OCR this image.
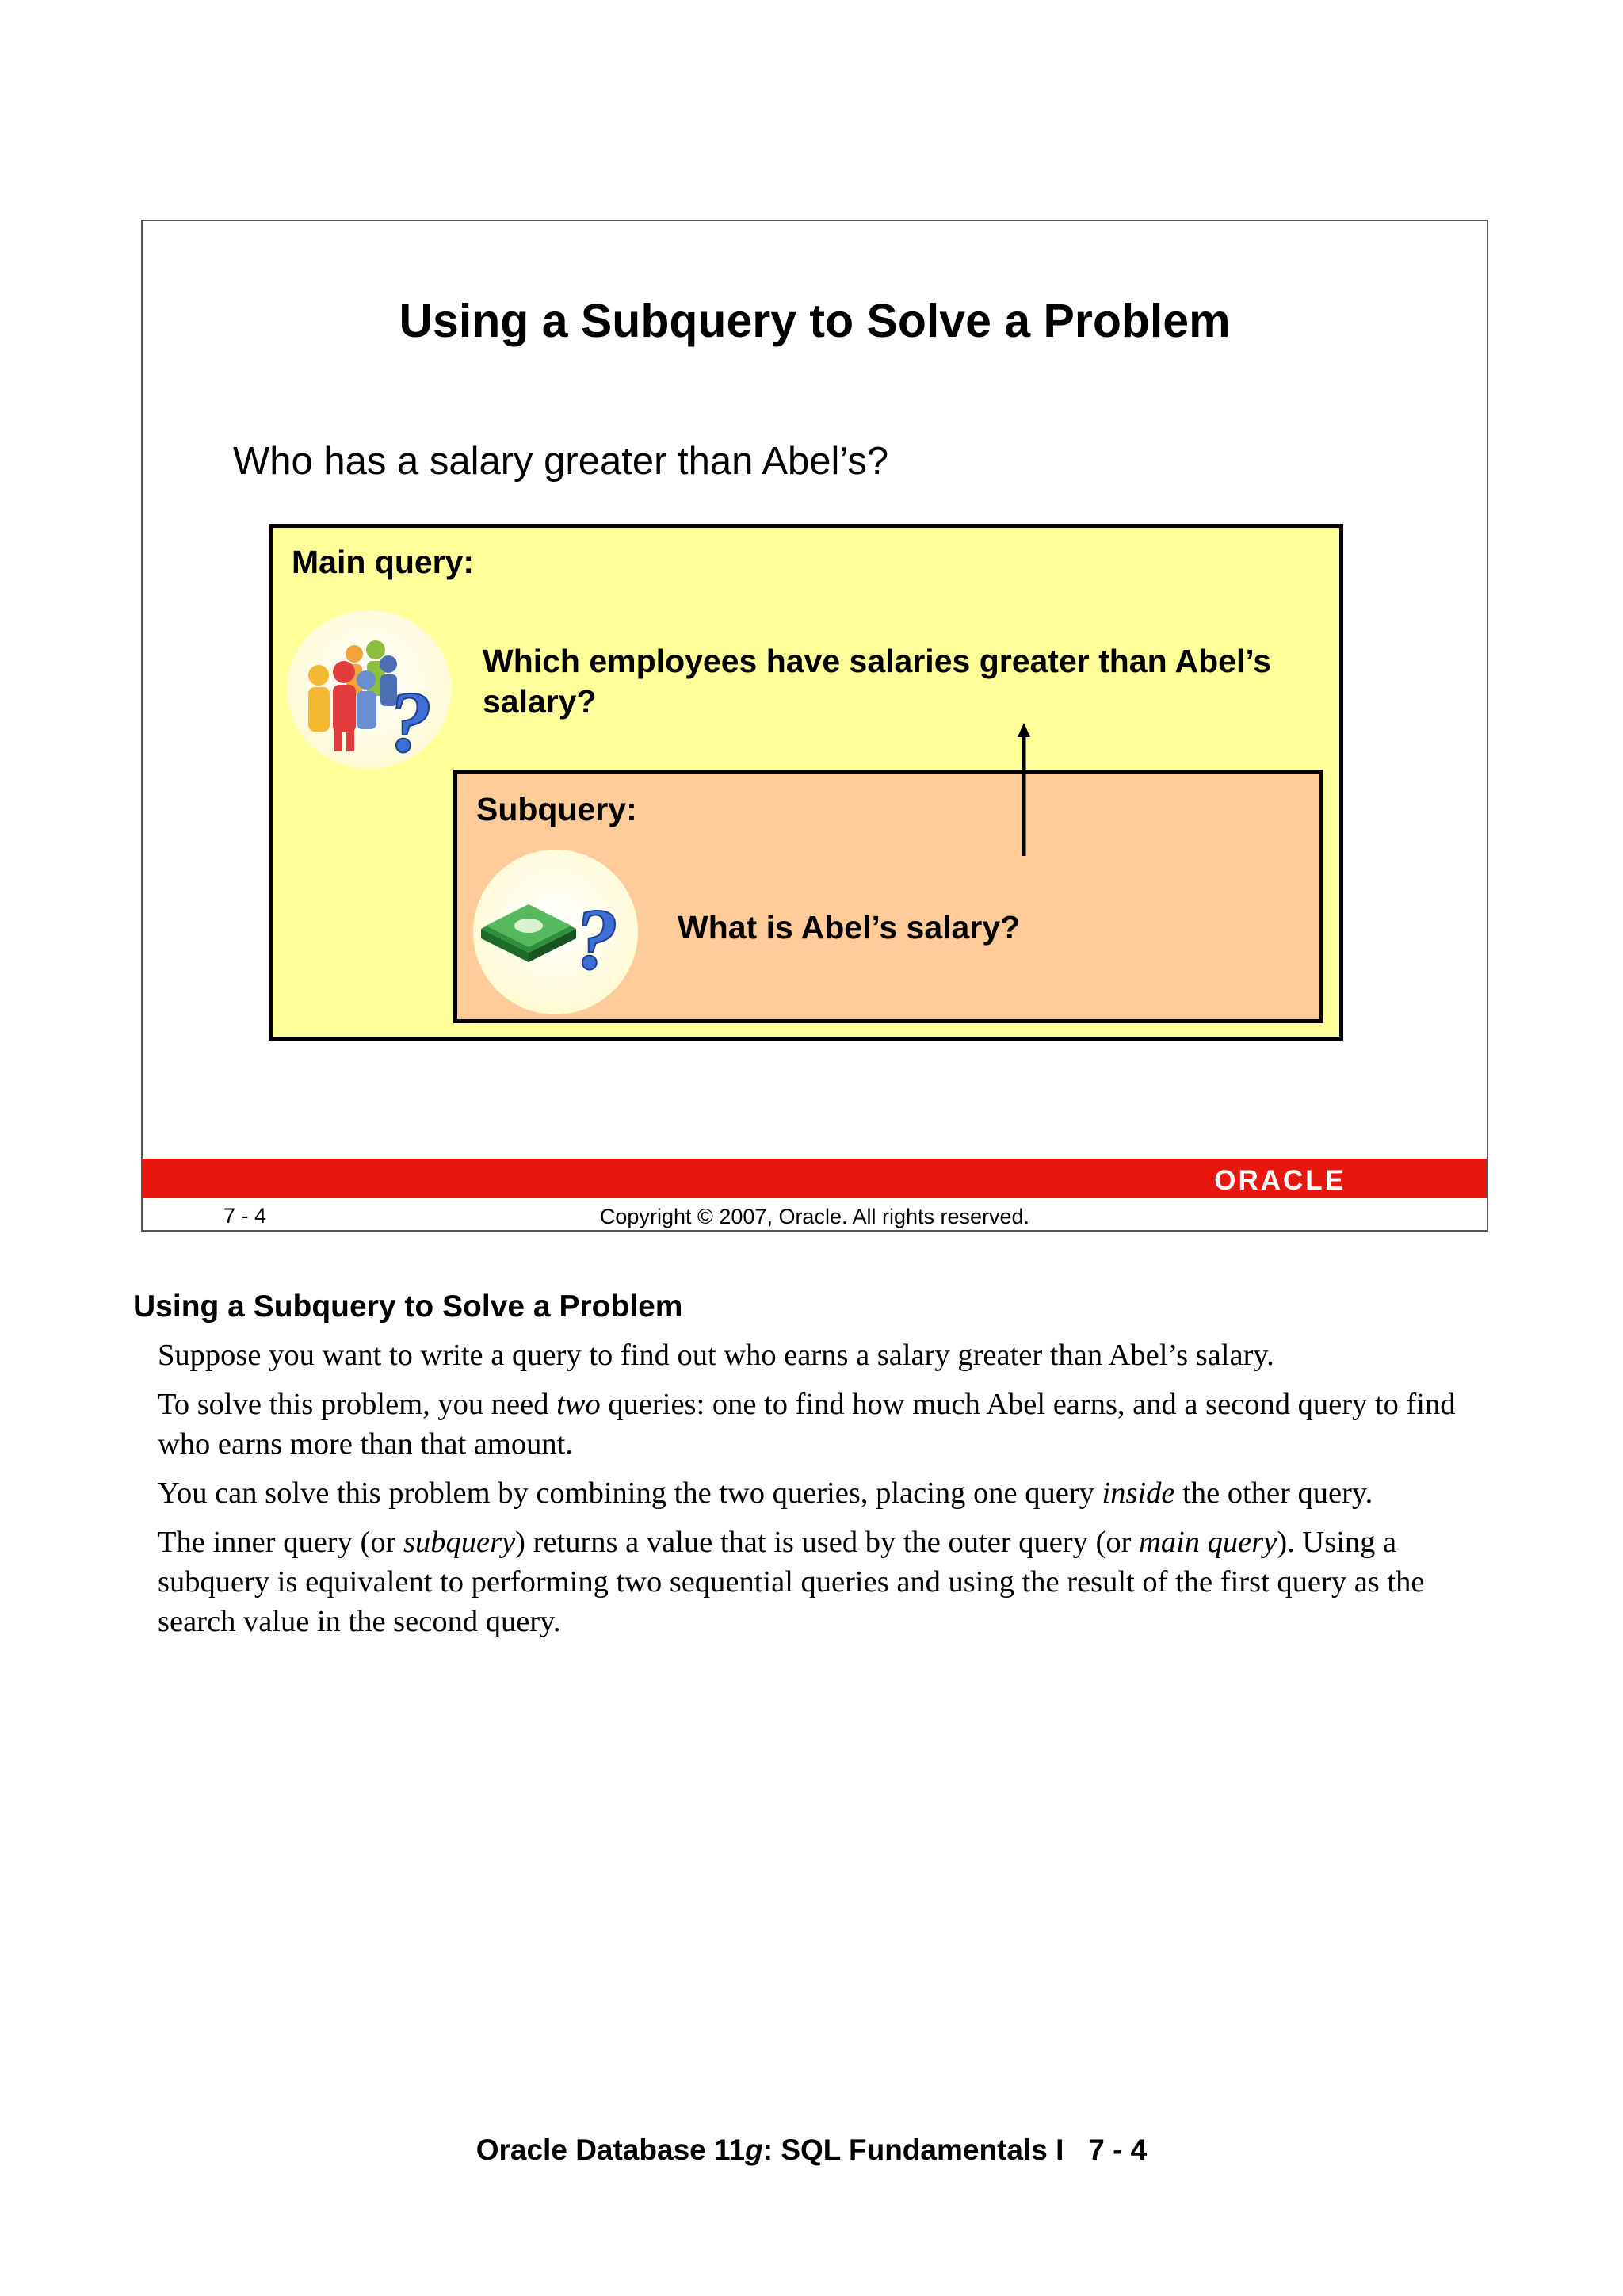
Using a Subquery to Solve a Problem
Who has a salary greater than Abel’s?
Main query:
?
Which employees have salaries greater than Abel’s salary?
Subquery:
? What is Abel’s salary?
ORACLE
7 - 4	Copyright © 2007, Oracle. All rights reserved.
Using a Subquery to Solve a Problem

Suppose you want to write a query to find out who earns a salary greater than Abel’s salary.

To solve this problem, you need two queries: one to find how much Abel earns, and a second query to find who earns more than that amount.

You can solve this problem by combining the two queries, placing one query inside the other query.

The inner query (or subquery) returns a value that is used by the outer query (or main query). Using a subquery is equivalent to performing two sequential queries and using the result of the first query as the search value in the second query.

Oracle Database 11g: SQL Fundamentals I   7 - 4
